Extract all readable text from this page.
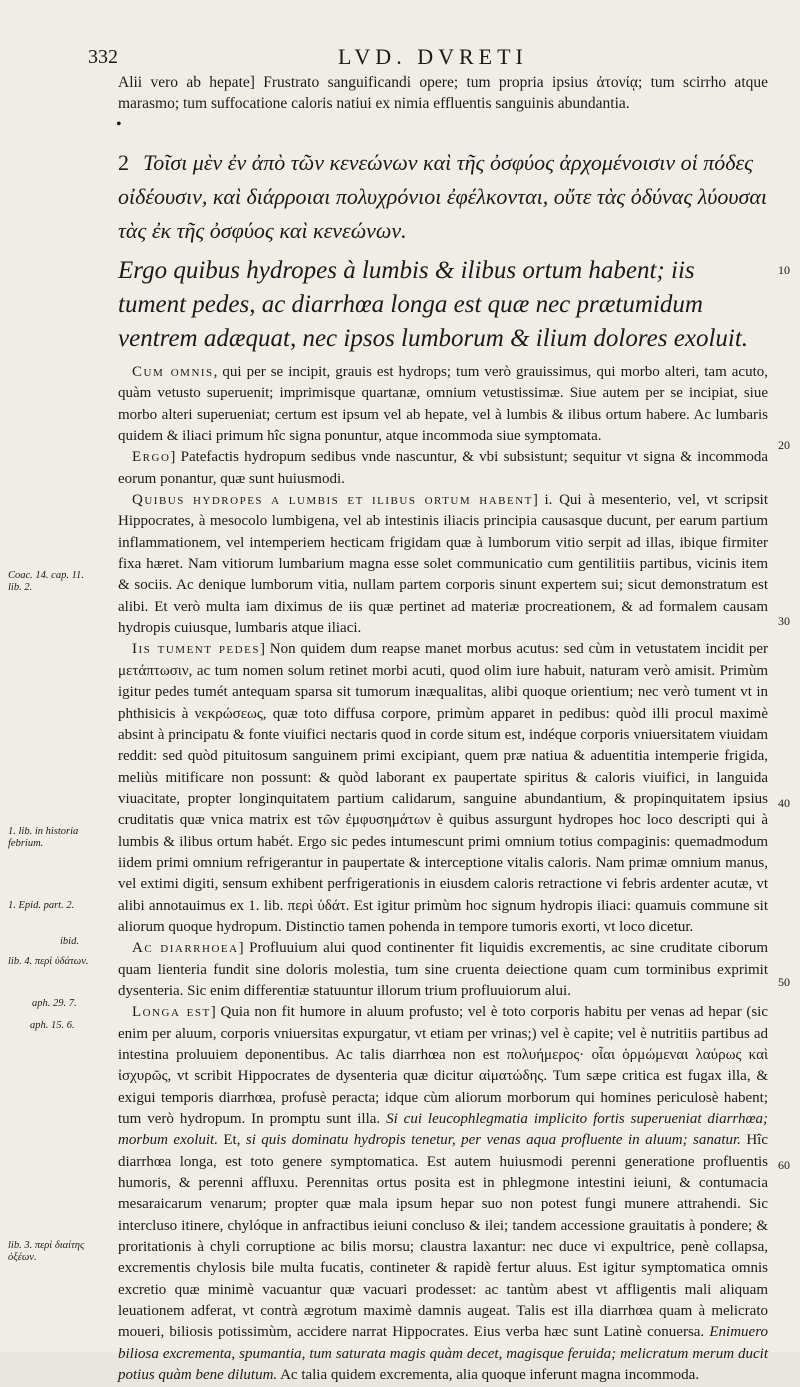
332	LVD. DVRETI
Alii vero ab hepate] Frustrato sanguificandi opere; tum propria ipsius ἀτονίᾳ; tum scirrho atque marasmo; tum suffocatione caloris natiui ex nimia effluentis sanguinis abundantia.
•
2 Τοῖσι μὲν ἐν ἀπὸ τῶν κενεώνων καὶ τῆς ὀσφύος ἀρχομένοισιν οἱ πόδες οἰδέουσιν, καὶ διάρροιαι πολυχρόνιοι ἐφέλκονται, οὔτε τὰς ὀδύνας λύουσαι τὰς ἐκ τῆς ὀσφύος καὶ κενεώνων.
Ergo quibus hydropes à lumbis & ilibus ortum habent; iis tument pedes, ac diarrhœa longa est quæ nec prætumidum ventrem adæquat, nec ipsos lumborum & ilium dolores exoluit.

Cum omnis, qui per se incipit, grauis est hydrops; tum verò grauissimus, qui morbo alteri, tam acuto, quàm vetusto superuenit; imprimisque quartanæ, omnium vetustissimæ. Siue autem per se incipiat, siue morbo alteri superueniat; certum est ipsum vel ab hepate, vel à lumbis & ilibus ortum habere. Ac lumbaris quidem & iliaci primum hîc signa ponuntur, atque incommoda siue symptomata.

Ergo] Patefactis hydropum sedibus vnde nascuntur, & vbi subsistunt; sequitur vt signa & incommoda eorum ponantur, quæ sunt huiusmodi.

Quibus hydropes a lumbis et ilibus ortum habent] i. Qui à mesenterio, vel, vt scripsit Hippocrates, à mesocolo lumbigena, vel ab intestinis iliacis principia causasque ducunt, per earum partium inflammationem, vel intemperiem hecticam frigidam quæ à lumborum vitio serpit ad illas, ibique firmiter fixa hæret. Nam vitiorum lumbarium magna esse solet communicatio cum gentilitiis partibus, vicinis item & sociis. Ac denique lumborum vitia, nullam partem corporis sinunt expertem sui; sicut demonstratum est alibi. Et verò multa iam diximus de iis quæ pertinet ad materiæ procreationem, & ad formalem causam hydropis cuiusque, lumbaris atque iliaci.

Iis tument pedes] Non quidem dum reapse manet morbus acutus: sed cùm in vetustatem incidit per μετάπτωσιν, ac tum nomen solum retinet morbi acuti, quod olim iure habuit, naturam verò amisit. Primùm igitur pedes tumét antequam sparsa sit tumorum inæqualitas, alibi quoque orientium; nec verò tument vt in phthisicis à νεκρώσεως, quæ toto diffusa corpore, primùm apparet in pedibus: quòd illi procul maximè absint à principatu & fonte viuifici nectaris quod in corde situm est, indéque corporis vniuersitatem viuidam reddit: sed quòd pituitosum sanguinem primi excipiant, quem præ natiua & aduentitia intemperie frigida, meliùs mitificare non possunt: & quòd laborant ex paupertate spiritus & caloris viuifici, in languida viuacitate, propter longinquitatem partium calidarum, sanguine abundantium, & propinquitatem ipsius cruditatis quæ vnica matrix est τῶν ἐμφυσημάτων è quibus assurgunt hydropes hoc loco descripti qui à lumbis & ilibus ortum habét. Ergo sic pedes intumescunt primi omnium totius compaginis: quemadmodum iidem primi omnium refrigerantur in paupertate & interceptione vitalis caloris. Nam primæ omnium manus, vel extimi digiti, sensum exhibent perfrigerationis in eiusdem caloris retractione vi febris ardenter acutæ, vt alibi annotauimus ex 1. lib. περὶ ὑδάτ. Est igitur primùm hoc signum hydropis iliaci: quamuis commune sit aliorum quoque hydropum. Distinctio tamen pohenda in tempore tumoris exorti, vt loco dicetur.

Ac diarrhoea] Profluuium alui quod continenter fit liquidis excrementis, ac sine cruditate ciborum quam lienteria fundit sine doloris molestia, tum sine cruenta deiectione quam cum torminibus exprimit dysenteria. Sic enim differentiæ statuuntur illorum trium profluuiorum alui.

Longa est] Quia non fit humore in aluum profusto; vel è toto corporis habitu per venas ad hepar (sic enim per aluum, corporis vniuersitas expurgatur, vt etiam per vrinas;) vel è capite; vel è nutritiis partibus ad intestina proluuiem deponentibus. Ac talis diarrhœa non est πολυήμερος· οἷαι ὁρμώμεναι λαύρως καὶ ἰσχυρῶς, vt scribit Hippocrates de dysenteria quæ dicitur αἱματώδης. Tum sæpe critica est fugax illa, & exigui temporis diarrhœa, profusè peracta; idque cùm aliorum morborum qui homines periculosè habent; tum verò hydropum. In promptu sunt illa. Si cui leucophlegmatia implicito fortis superueniat diarrhœa; morbum exoluit. Et, si quis dominatu hydropis tenetur, per venas aqua profluente in aluum; sanatur. Hîc diarrhœa longa, est toto genere symptomatica. Est autem huiusmodi perenni generatione profluentis humoris, & perenni affluxu. Perennitas ortus posita est in phlegmone intestini ieiuni, & contumacia mesaraicarum venarum; propter quæ mala ipsum hepar suo non potest fungi munere attrahendi. Sic intercluso itinere, chylóque in anfractibus ieiuni concluso & ilei; tandem accessione grauitatis à pondere; & proritationis à chyli corruptione ac bilis morsu; claustra laxantur: nec duce vi expultrice, penè collapsa, excrementis chylosis bile multa fucatis, contineter & rapidè fertur aluus. Est igitur symptomatica omnis excretio quæ minimè vacuantur quæ vacuari prodesset: ac tantùm abest vt affligentis mali aliquam leuationem adferat, vt contrà ægrotum maximè damnis augeat. Talis est illa diarrhœa quam à melicrato moueri, biliosis potissimùm, accidere narrat Hippocrates. Eius verba hæc sunt Latinè conuersa. Enimuero biliosa excrementa, spumantia, tum saturata magis quàm decet, magisque feruida; melicratum merum ducit potius quàm bene dilutum. Ac talia quidem excrementa, alia quoque inferunt magna incommoda.

Coac. 14. cap. 11. lib. 2.
1. lib. in historia febrium.
1. Epid. part. 2.
ibid.
lib. 4. περὶ ὑδάτων.
aph. 29. 7.
aph. 15. 6.
lib. 3. περὶ διαίτης ὀξέων.
10
20
30
40
50
60
